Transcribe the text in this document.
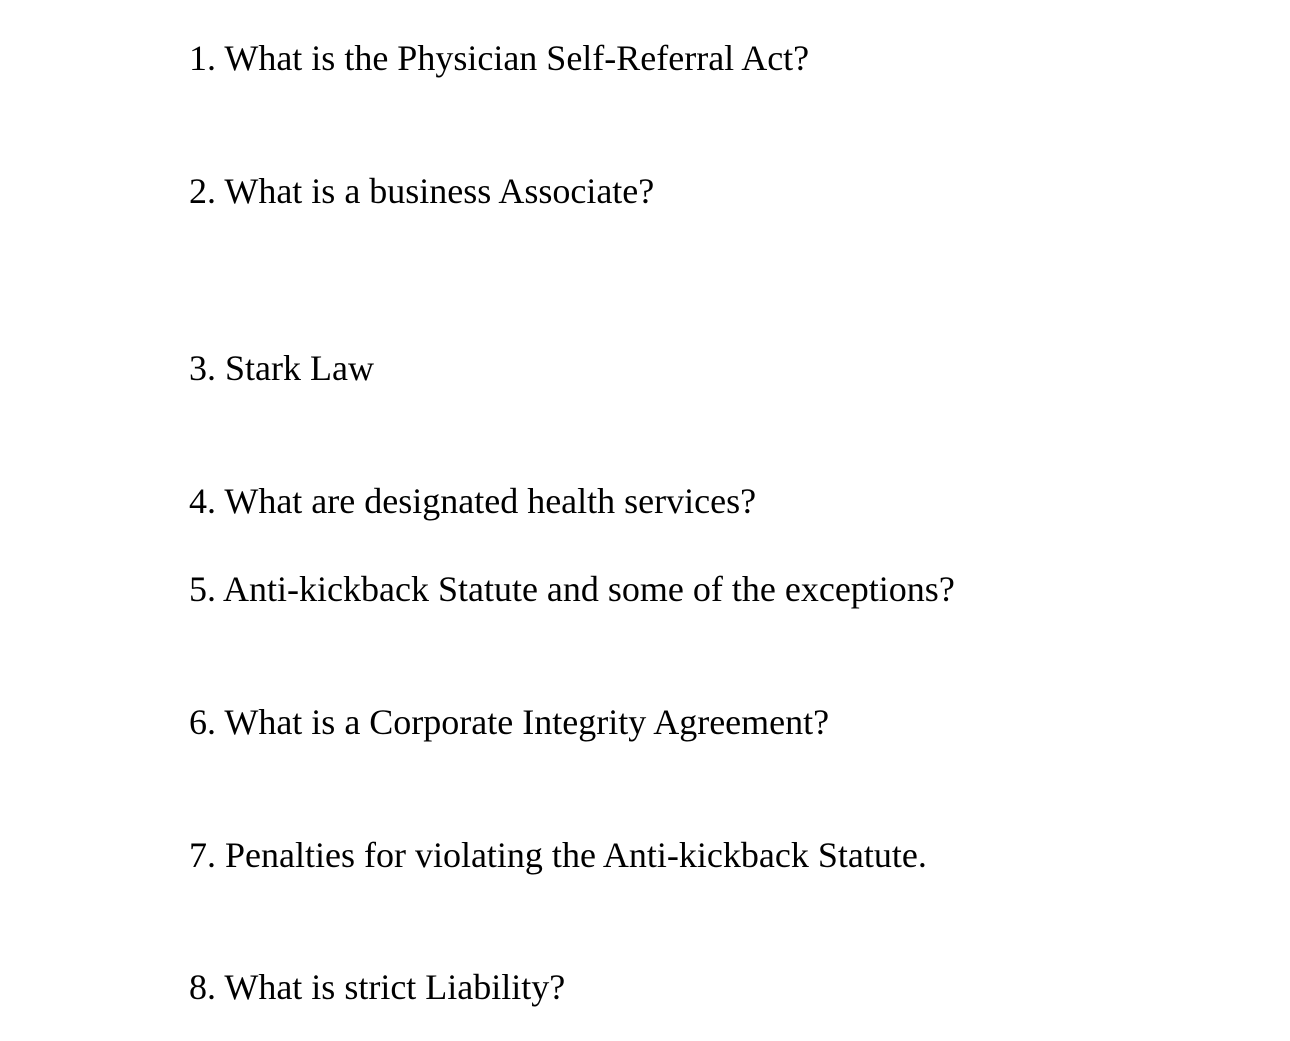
1. What is the Physician Self-Referral Act?

2. What is a business Associate?

3. Stark Law

4. What are designated health services?

5. Anti-kickback Statute and some of the exceptions?

6. What is a Corporate Integrity Agreement?

7. Penalties for violating the Anti-kickback Statute.

8. What is strict Liability?
